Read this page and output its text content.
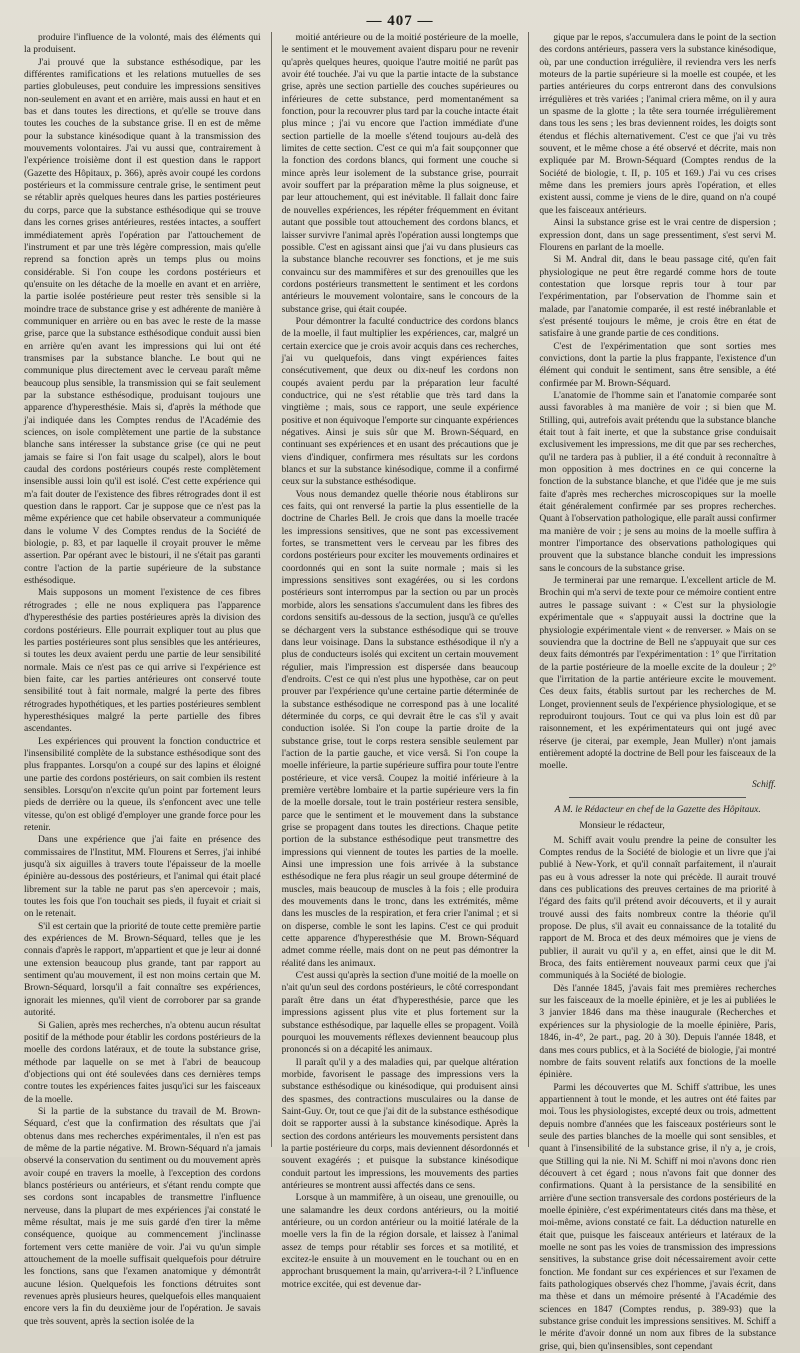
— 407 —

produire l'influence de la volonté, mais des éléments qui la produisent.

J'ai prouvé que la substance esthésodique, par les différentes ramifications et les relations mutuelles de ses parties globuleuses, peut conduire les impressions sensitives non-seulement en avant et en arrière, mais aussi en haut et en bas et dans toutes les directions, et qu'elle se trouve dans toutes les couches de la substance grise. Il en est de même pour la substance kinésodique quant à la transmission des mouvements volontaires. J'ai vu aussi que, contrairement à l'expérience troisième dont il est question dans le rapport (Gazette des Hôpitaux, p. 366), après avoir coupé les cordons postérieurs et la commissure centrale grise, le sentiment peut se rétablir après quelques heures dans les parties postérieures du corps, parce que la substance esthésodique qui se trouve dans les cornes grises antérieures, restées intactes, a souffert immédiatement après l'opération par l'attouchement de l'instrument et par une très légère compression, mais qu'elle reprend sa fonction après un temps plus ou moins considérable. Si l'on coupe les cordons postérieurs et qu'ensuite on les détache de la moelle en avant et en arrière, la partie isolée postérieure peut rester très sensible si la moindre trace de substance grise y est adhérente de manière à communiquer en arrière ou en bas avec le reste de la masse grise, parce que la substance esthésodique conduit aussi bien en arrière qu'en avant les impressions qui lui ont été transmises par la substance blanche. Le bout qui ne communique plus directement avec le cerveau paraît même beaucoup plus sensible, la transmission qui se fait seulement par la substance esthésodique, produisant toujours une apparence d'hyperesthésie. Mais si, d'après la méthode que j'ai indiquée dans les Comptes rendus de l'Académie des sciences, on isole complètement une partie de la substance blanche sans intéresser la substance grise (ce qui ne peut jamais se faire si l'on fait usage du scalpel), alors le bout caudal des cordons postérieurs coupés reste complètement insensible aussi loin qu'il est isolé. C'est cette expérience qui m'a fait douter de l'existence des fibres rétrogrades dont il est question dans le rapport. Car je suppose que ce n'est pas la même expérience que cet habile observateur a communiquée dans le volume V des Comptes rendus de la Société de biologie, p. 83, et par laquelle il croyait prouver le même assertion. Par opérant avec le bistouri, il ne s'était pas garanti contre l'action de la partie supérieure de la substance esthésodique.

Mais supposons un moment l'existence de ces fibres rétrogrades ; elle ne nous expliquera pas l'apparence d'hyperesthésie des parties postérieures après la division des cordons postérieurs. Elle pourrait expliquer tout au plus que les parties postérieures sont plus sensibles que les antérieures, si toutes les deux avaient perdu une partie de leur sensibilité normale. Mais ce n'est pas ce qui arrive si l'expérience est bien faite, car les parties antérieures ont conservé toute sensibilité tout à fait normale, malgré la perte des fibres rétrogrades hypothétiques, et les parties postérieures semblent hyperesthésiques malgré la perte partielle des fibres ascendantes.

Les expériences qui prouvent la fonction conductrice et l'insensibilité complète de la substance esthésodique sont des plus frappantes. Lorsqu'on a coupé sur des lapins et éloigné une partie des cordons postérieurs, on sait combien ils restent sensibles. Lorsqu'on n'excite qu'un point par fortement leurs pieds de derrière ou la queue, ils s'enfoncent avec une telle vitesse, qu'on est obligé d'employer une grande force pour les retenir.

Dans une expérience que j'ai faite en présence des commissaires de l'Institut, MM. Flourens et Serres, j'ai inhibé jusqu'à six aiguilles à travers toute l'épaisseur de la moelle épinière au-dessous des postérieurs, et l'animal qui était placé librement sur la table ne parut pas s'en apercevoir ; mais, toutes les fois que l'on touchait ses pieds, il fuyait et criait si on le retenait.

S'il est certain que la priorité de toute cette première partie des expériences de M. Brown-Séquard, telles que je les connais d'après le rapport, m'appartient et que je leur ai donné une extension beaucoup plus grande, tant par rapport au sentiment qu'au mouvement, il est non moins certain que M. Brown-Séquard, lorsqu'il a fait connaître ses expériences, ignorait les miennes, qu'il vient de corroborer par sa grande autorité.

Si Galien, après mes recherches, n'a obtenu aucun résultat positif de la méthode pour établir les cordons postérieurs de la moelle des cordons latéraux, et de toute la substance grise, méthode par laquelle on se met à l'abri de beaucoup d'objections qui ont été soulevées dans ces dernières temps contre toutes les expériences faites jusqu'ici sur les faisceaux de la moelle.

Si la partie de la substance du travail de M. Brown-Séquard, c'est que la confirmation des résultats que j'ai obtenus dans mes recherches expérimentales, il n'en est pas de même de la partie négative. M. Brown-Séquard n'a jamais observé la conservation du sentiment ou du mouvement après avoir coupé en travers la moelle, à l'exception des cordons blancs postérieurs ou antérieurs, et s'étant rendu compte que ses cordons sont incapables de transmettre l'influence nerveuse, dans la plupart de mes expériences j'ai constaté le même résultat, mais je me suis gardé d'en tirer la même conséquence, quoique au commencement j'inclinasse fortement vers cette manière de voir. J'ai vu qu'un simple attouchement de la moelle suffisait quelquefois pour détruire les fonctions, sans que l'examen anatomique y démontrât aucune lésion. Quelquefois les fonctions détruites sont revenues après plusieurs heures, quelquefois elles manquaient encore vers la fin du deuxième jour de l'opération. Je savais que très souvent, après la section isolée de la

moitié antérieure ou de la moitié postérieure de la moelle, le sentiment et le mouvement avaient disparu pour ne revenir qu'après quelques heures, quoique l'autre moitié ne parût pas avoir été touchée. J'ai vu que la partie intacte de la substance grise, après une section partielle des couches supérieures ou inférieures de cette substance, perd momentanément sa fonction, pour la recouvrer plus tard par la couche intacte était plus mince ; j'ai vu encore que l'action immédiate d'une section partielle de la moelle s'étend toujours au-delà des limites de cette section. C'est ce qui m'a fait soupçonner que la fonction des cordons blancs, qui forment une couche si mince après leur isolement de la substance grise, pourrait avoir souffert par la préparation même la plus soigneuse, et par leur attouchement, qui est inévitable. Il fallait donc faire de nouvelles expériences, les répéter fréquemment en évitant autant que possible tout attouchement des cordons blancs, et laisser survivre l'animal après l'opération aussi longtemps que possible. C'est en agissant ainsi que j'ai vu dans plusieurs cas la substance blanche recouvrer ses fonctions, et je me suis convaincu sur des mammifères et sur des grenouilles que les cordons postérieurs transmettent le sentiment et les cordons antérieurs le mouvement volontaire, sans le concours de la substance grise, qui était coupée.

Pour démontrer la faculté conductrice des cordons blancs de la moelle, il faut multiplier les expériences, car, malgré un certain exercice que je crois avoir acquis dans ces recherches, j'ai vu quelquefois, dans vingt expériences faites consécutivement, que deux ou dix-neuf les cordons non coupés avaient perdu par la préparation leur faculté conductrice, qui ne s'est rétablie que très tard dans la vingtième ; mais, sous ce rapport, une seule expérience positive et non équivoque l'emporte sur cinquante expériences négatives. Ainsi je suis sûr que M. Brown-Séquard, en continuant ses expériences et en usant des précautions que je viens d'indiquer, confirmera mes résultats sur les cordons blancs et sur la substance kinésodique, comme il a confirmé ceux sur la substance esthésodique.

Vous nous demandez quelle théorie nous établirons sur ces faits, qui ont renversé la partie la plus essentielle de la doctrine de Charles Bell. Je crois que dans la moelle tracée les impressions sensitives, que ne sont pas excessivement fortes, se transmettent vers le cerveau par les fibres des cordons postérieurs pour exciter les mouvements ordinaires et coordonnés qui en sont la suite normale ; mais si les impressions sensitives sont exagérées, ou si les cordons postérieurs sont interrompus par la section ou par un procès morbide, alors les sensations s'accumulent dans les fibres des cordons sensitifs au-dessous de la section, jusqu'à ce qu'elles se déchargent vers la substance esthésodique qui se trouve dans leur voisinage. Dans la substance esthésodique il n'y a plus de conducteurs isolés qui excitent un certain mouvement régulier, mais l'impression est dispersée dans beaucoup d'endroits. C'est ce qui n'est plus une hypothèse, car on peut prouver par l'expérience qu'une certaine partie déterminée de la substance esthésodique ne correspond pas à une localité déterminée du corps, ce qui devrait être le cas s'il y avait conduction isolée. Si l'on coupe la partie droite de la substance grise, tout le corps restera sensible seulement par l'action de la partie gauche, et vice versâ. Si l'on coupe la moelle inférieure, la partie supérieure suffira pour toute l'entre postérieure, et vice versâ. Coupez la moitié inférieure à la première vertèbre lombaire et la partie supérieure vers la fin de la moelle dorsale, tout le train postérieur restera sensible, parce que le sentiment et le mouvement dans la substance grise se propagent dans toutes les directions. Chaque petite portion de la substance esthésodique peut transmettre des impressions qui viennent de toutes les parties de la moelle. Ainsi une impression une fois arrivée à la substance esthésodique ne fera plus réagir un seul groupe déterminé de muscles, mais beaucoup de muscles à la fois ; elle produira des mouvements dans le tronc, dans les extrémités, même dans les muscles de la respiration, et fera crier l'animal ; et si on disperse, comble le sont les lapins. C'est ce qui produit cette apparence d'hyperesthésie que M. Brown-Séquard admet comme réelle, mais dont on ne peut pas démontrer la réalité dans les animaux.

C'est aussi qu'après la section d'une moitié de la moelle on n'ait qu'un seul des cordons postérieurs, le côté correspondant paraît être dans un état d'hyperesthésie, parce que les impressions agissent plus vite et plus fortement sur la substance esthésodique, par laquelle elles se propagent. Voilà pourquoi les mouvements réflexes deviennent beaucoup plus prononcés si on a décapité les animaux.

Il paraît qu'il y a des maladies qui, par quelque altération morbide, favorisent le passage des impressions vers la substance esthésodique ou kinésodique, qui produisent ainsi des spasmes, des contractions musculaires ou la danse de Saint-Guy. Or, tout ce que j'ai dit de la substance esthésodique doit se rapporter aussi à la substance kinésodique. Après la section des cordons antérieurs les mouvements persistent dans la partie postérieure du corps, mais deviennent désordonnés et souvent exagérés ; et puisque la substance kinésodique conduit partout les impressions, les mouvements des parties antérieures se montrent aussi affectés dans ce sens.

Lorsque à un mammifère, à un oiseau, une grenouille, ou une salamandre les deux cordons antérieurs, ou la moitié antérieure, ou un cordon antérieur ou la moitié latérale de la moelle vers la fin de la région dorsale, et laissez à l'animal assez de temps pour rétablir ses forces et sa motilité, et excitez-le ensuite à un mouvement en le touchant ou en en approchant brusquement la main, qu'arrivera-t-il ? L'influence motrice excitée, qui est devenue dar-

gique par le repos, s'accumulera dans le point de la section des cordons antérieurs, passera vers la substance kinésodique, où, par une conduction irrégulière, il reviendra vers les nerfs moteurs de la partie supérieure si la moelle est coupée, et les parties antérieures du corps entreront dans des convulsions irrégulières et très variées ; l'animal criera même, on il y aura un spasme de la glotte ; la tête sera tournée irrégulièrement dans tous les sens ; les bras deviennent roides, les doigts sont étendus et fléchis alternativement. C'est ce que j'ai vu très souvent, et le même chose a été observé et décrite, mais non expliquée par M. Brown-Séquard (Comptes rendus de la Société de biologie, t. II, p. 105 et 169.) J'ai vu ces crises même dans les premiers jours après l'opération, et elles existent aussi, comme je viens de le dire, quand on n'a coupé que les faisceaux antérieurs.

Ainsi la substance grise est le vrai centre de dispersion ; expression dont, dans un sage pressentiment, s'est servi M. Flourens en parlant de la moelle.

Si M. Andral dit, dans le beau passage cité, qu'en fait physiologique ne peut être regardé comme hors de toute contestation que lorsque repris tour à tour par l'expérimentation, par l'observation de l'homme sain et malade, par l'anatomie comparée, il est resté inébranlable et s'est présenté toujours le même, je crois être en état de satisfaire à une grande partie de ces conditions.

C'est de l'expérimentation que sont sorties mes convictions, dont la partie la plus frappante, l'existence d'un élément qui conduit le sentiment, sans être sensible, a été confirmée par M. Brown-Séquard.

L'anatomie de l'homme sain et l'anatomie comparée sont aussi favorables à ma manière de voir ; si bien que M. Stilling, qui, autrefois avait prétendu que la substance blanche était tout à fait inerte, et que la substance grise conduisait exclusivement les impressions, me dit que par ses recherches, qu'il ne tardera pas à publier, il a été conduit à reconnaître à mon opposition à mes doctrines en ce qui concerne la fonction de la substance blanche, et que l'idée que je me suis faite d'après mes recherches microscopiques sur la moelle était généralement confirmée par ses propres recherches. Quant à l'observation pathologique, elle paraît aussi confirmer ma manière de voir ; je sens au moins de la moelle suffira à montrer l'importance des observations pathologiques qui prouvent que la substance blanche conduit les impressions sans le concours de la substance grise.

Je terminerai par une remarque. L'excellent article de M. Brochin qui m'a servi de texte pour ce mémoire contient entre autres le passage suivant : « C'est sur la physiologie expérimentale que « s'appuyait aussi la doctrine que la physiologie expérimentale vient « de renverser. » Mais on se souviendra que la doctrine de Bell ne s'appuyait que sur ces deux faits démontrés par l'expérimentation : 1° que l'irritation de la partie postérieure de la moelle excite de la douleur ; 2° que l'irritation de la partie antérieure excite le mouvement. Ces deux faits, établis surtout par les recherches de M. Longet, proviennent seuls de l'expérience physiologique, et se reproduiront toujours. Tout ce qui va plus loin est dû par raisonnement, et les expérimentateurs qui ont jugé avec réserve (je citerai, par exemple, Jean Muller) n'ont jamais entièrement adopté la doctrine de Bell pour les faisceaux de la moelle.

Schiff.
A M. le Rédacteur en chef de la Gazette des Hôpitaux.

Monsieur le rédacteur,

M. Schiff avait voulu prendre la peine de consulter les Comptes rendus de la Société de biologie et un livre que j'ai publié à New-York, et qu'il connaît parfaitement, il n'aurait pas eu à vous adresser la note qui précède. Il aurait trouvé dans ces publications des preuves certaines de ma priorité à l'égard des faits qu'il prétend avoir découverts, et il y aurait trouvé aussi des faits nombreux contre la théorie qu'il propose. De plus, s'il avait eu connaissance de la totalité du rapport de M. Broca et des deux mémoires que je viens de publier, il aurait vu qu'il y a, en effet, ainsi que le dit M. Broca, des faits entièrement nouveaux parmi ceux que j'ai communiqués à la Société de biologie.

Dès l'année 1845, j'avais fait mes premières recherches sur les faisceaux de la moelle épinière, et je les ai publiées le 3 janvier 1846 dans ma thèse inaugurale (Recherches et expériences sur la physiologie de la moelle épinière, Paris, 1846, in-4°, 2e part., pag. 20 à 30). Depuis l'année 1848, et dans mes cours publics, et à la Société de biologie, j'ai montré nombre de faits souvent relatifs aux fonctions de la moelle épinière.

Parmi les découvertes que M. Schiff s'attribue, les unes appartiennent à tout le monde, et les autres ont été faites par moi. Tous les physiologistes, excepté deux ou trois, admettent depuis nombre d'années que les faisceaux postérieurs sont le seule des parties blanches de la moelle qui sont sensibles, et quant à l'insensibilité de la substance grise, il n'y a, je crois, que Stilling qui la nie. Ni M. Schiff ni moi n'avons donc rien découvert à cet égard ; nous n'avons fait que donner des confirmations. Quant à la persistance de la sensibilité en arrière d'une section transversale des cordons postérieurs de la moelle épinière, c'est expérimentateurs cités dans ma thèse, et moi-même, avions constaté ce fait. La déduction naturelle en était que, puisque les faisceaux antérieurs et latéraux de la moelle ne sont pas les voies de transmission des impressions sensitives, la substance grise doit nécessairement avoir cette fonction. Me fondant sur ces expériences et sur l'examen de faits pathologiques observés chez l'homme, j'avais écrit, dans ma thèse et dans un mémoire présenté à l'Académie des sciences en 1847 (Comptes rendus, p. 389-93) que la substance grise conduit les impressions sensitives. M. Schiff a le mérite d'avoir donné un nom aux fibres de la substance grise, qui, bien qu'insensibles, sont cependant
